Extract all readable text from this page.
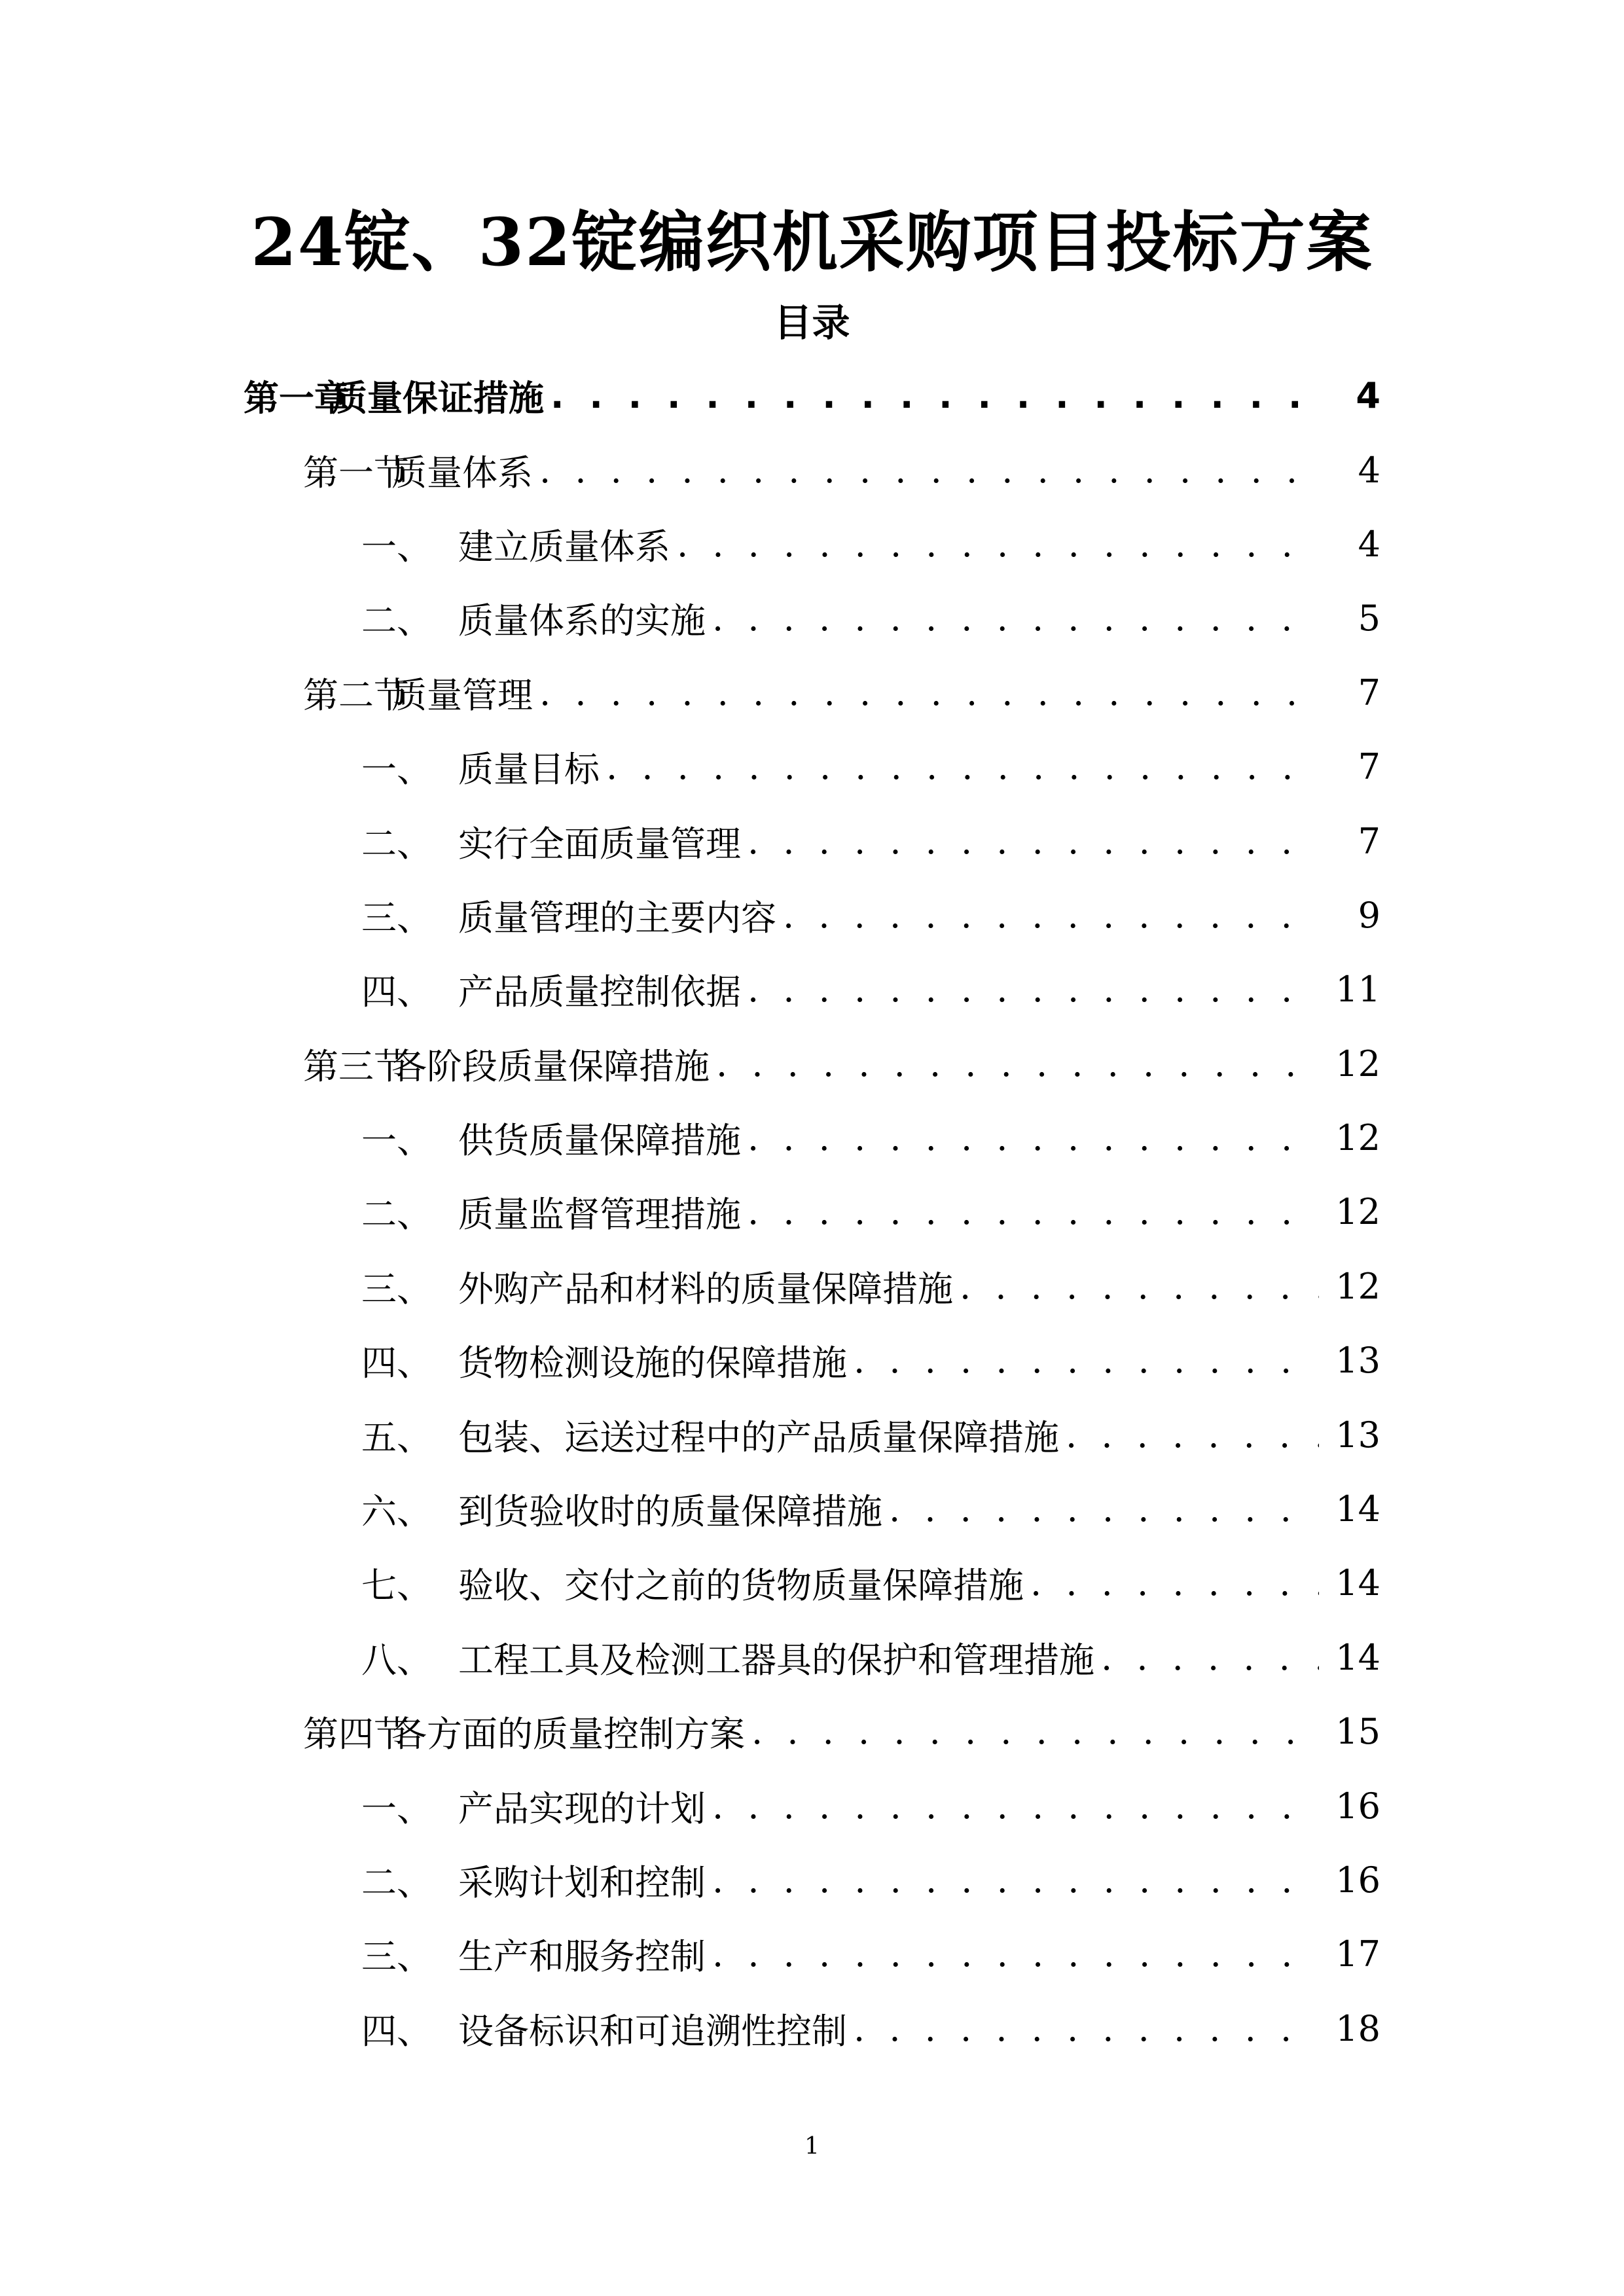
24锭、32锭编织机采购项目投标方案
目录
第一章质量保证措施 . . .	4
第一节质量体系 . . .	4
一、 建立质量体系 . . .	4
二、 质量体系的实施 . . .	5
第二节质量管理 . . .	7
一、 质量目标 . . .	7
二、 实行全面质量管理 . . .	7
三、 质量管理的主要内容 . . .	9
四、 产品质量控制依据 . . .	11
第三节各阶段质量保障措施 . . .	12
一、 供货质量保障措施 . . .	12
二、 质量监督管理措施 . . .	12
三、 外购产品和材料的质量保障措施 . . .	12
四、 货物检测设施的保障措施 . . .	13
五、 包装、运送过程中的产品质量保障措施 . . .	13
六、 到货验收时的质量保障措施 . . .	14
七、 验收、交付之前的货物质量保障措施 . . .	14
八、 工程工具及检测工器具的保护和管理措施 . . .	14
第四节各方面的质量控制方案 . . .	15
一、 产品实现的计划 . . .	16
二、 采购计划和控制 . . .	16
三、 生产和服务控制 . . .	17
四、 设备标识和可追溯性控制 . . .	18
1
